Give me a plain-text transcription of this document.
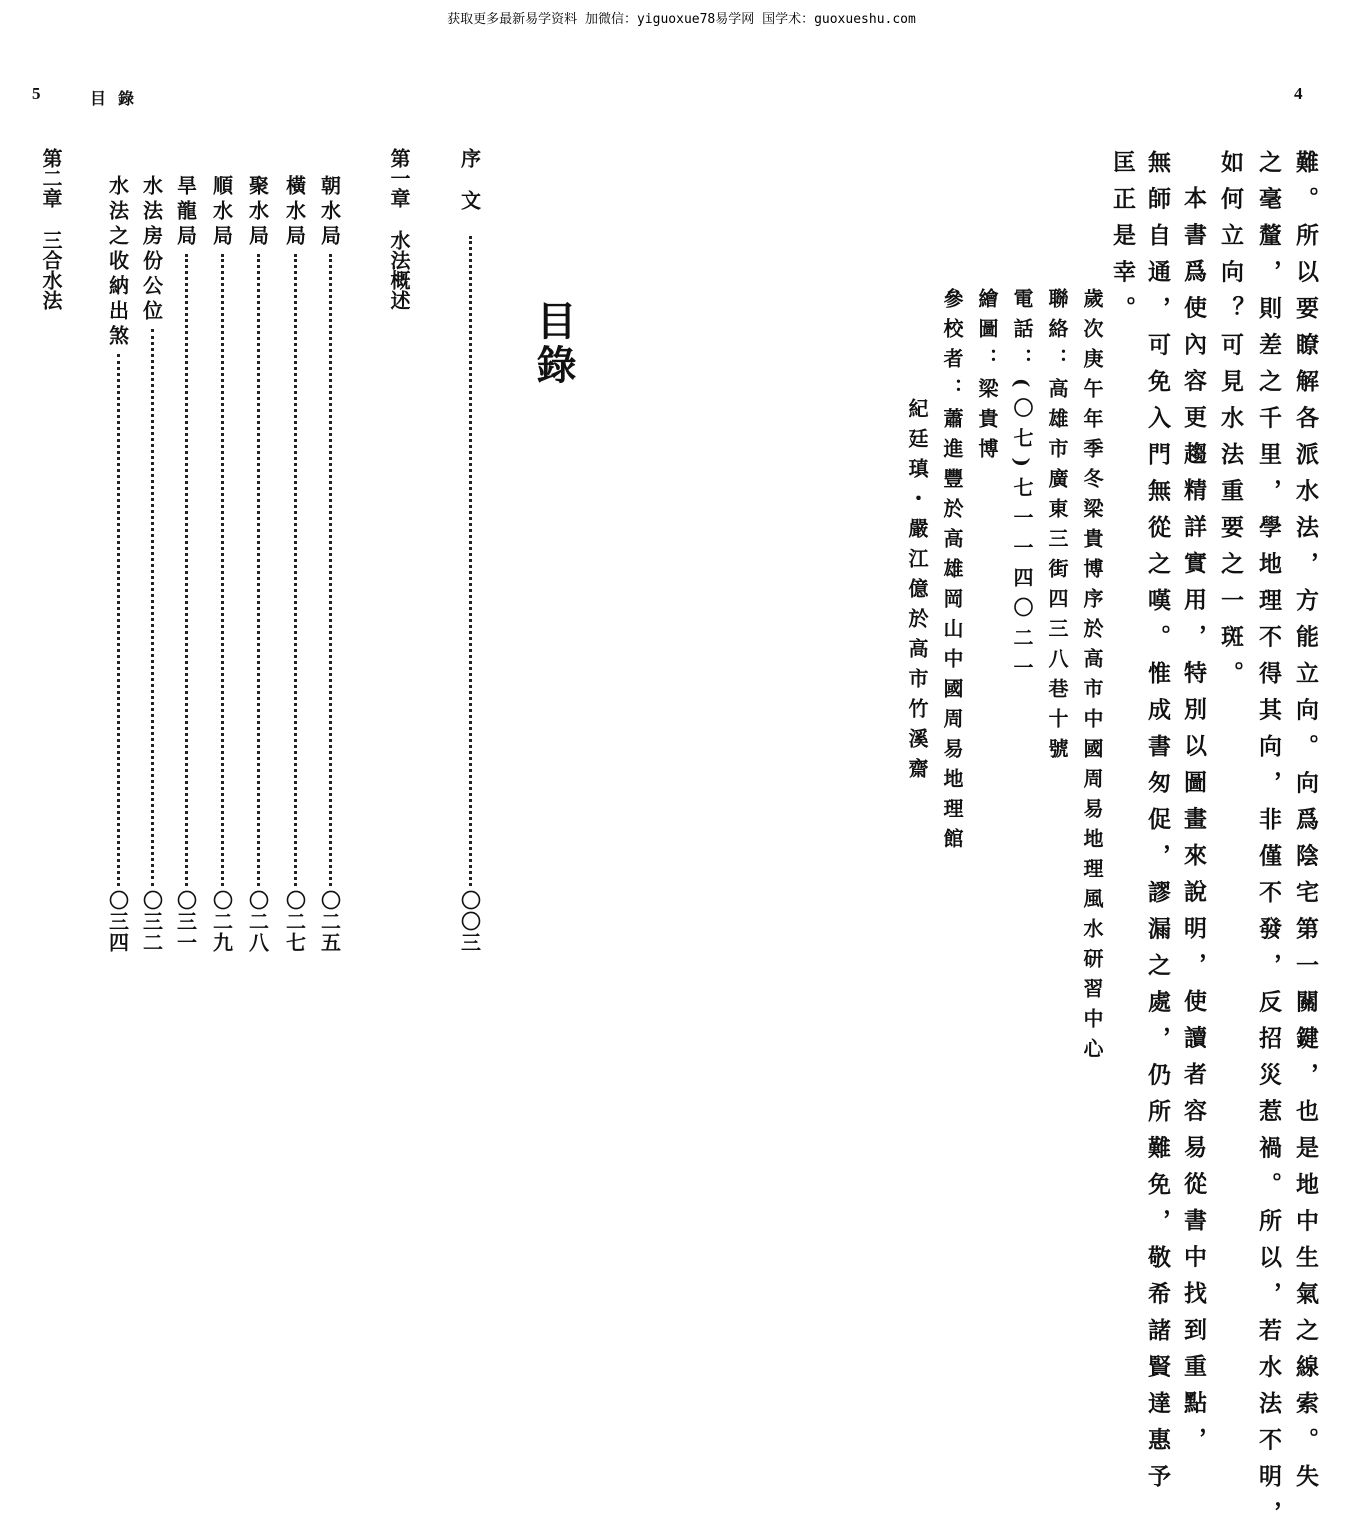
获取更多最新易学资料 加微信：yiguoxue78易学网 国学术：guoxueshu.com
5	目錄
目錄
序文
〇〇三
第一章水法概述
朝水局
〇二五
橫水局
〇二七
聚水局
〇二八
順水局
〇二九
旱龍局
〇三一
水法房份公位
〇三二
水法之收納出煞
〇三四
第二章三合水法
4
難。所以要瞭解各派水法，方能立向。向爲陰宅第一關鍵，也是地中生氣之線索。失
之毫釐，則差之千里，學地理不得其向，非僅不發，反招災惹禍。所以，若水法不明，
如何立向？可見水法重要之一斑。
本書爲使內容更趨精詳實用，特別以圖畫來說明，使讀者容易從書中找到重點，
無師自通，可免入門無從之嘆。惟成書匆促，謬漏之處，仍所難免，敬希諸賢達惠予
匡正是幸。
歲次庚午年季冬梁貴博序於高市中國周易地理風水研習中心
聯絡：高雄市廣東三街四三八巷十號
電話：(〇七)七一一四〇二一
繪圖：梁貴博
參校者：蕭進豐於高雄岡山中國周易地理館
紀廷瑱・嚴江億於高市竹溪齋
